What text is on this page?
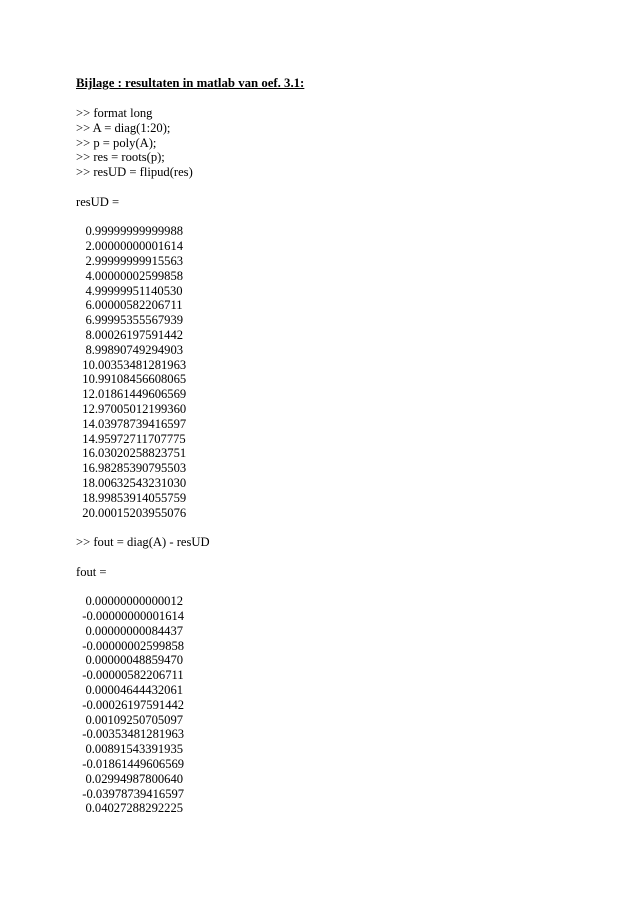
Bijlage : resultaten in matlab van oef. 3.1:
>> format long
>> A = diag(1:20);
>> p = poly(A);
>> res = roots(p);
>> resUD = flipud(res)
resUD =
0.99999999999988
2.00000000001614
2.99999999915563
4.00000002599858
4.99999951140530
6.00000582206711
6.99995355567939
8.00026197591442
8.99890749294903
10.00353481281963
10.99108456608065
12.01861449606569
12.97005012199360
14.03978739416597
14.95972711707775
16.03020258823751
16.98285390795503
18.00632543231030
18.99853914055759
20.00015203955076
>> fout = diag(A) - resUD
fout =
0.00000000000012
-0.00000000001614
0.00000000084437
-0.00000002599858
0.00000048859470
-0.00000582206711
0.00004644432061
-0.00026197591442
0.00109250705097
-0.00353481281963
0.00891543391935
-0.01861449606569
0.02994987800640
-0.03978739416597
0.04027288292225
